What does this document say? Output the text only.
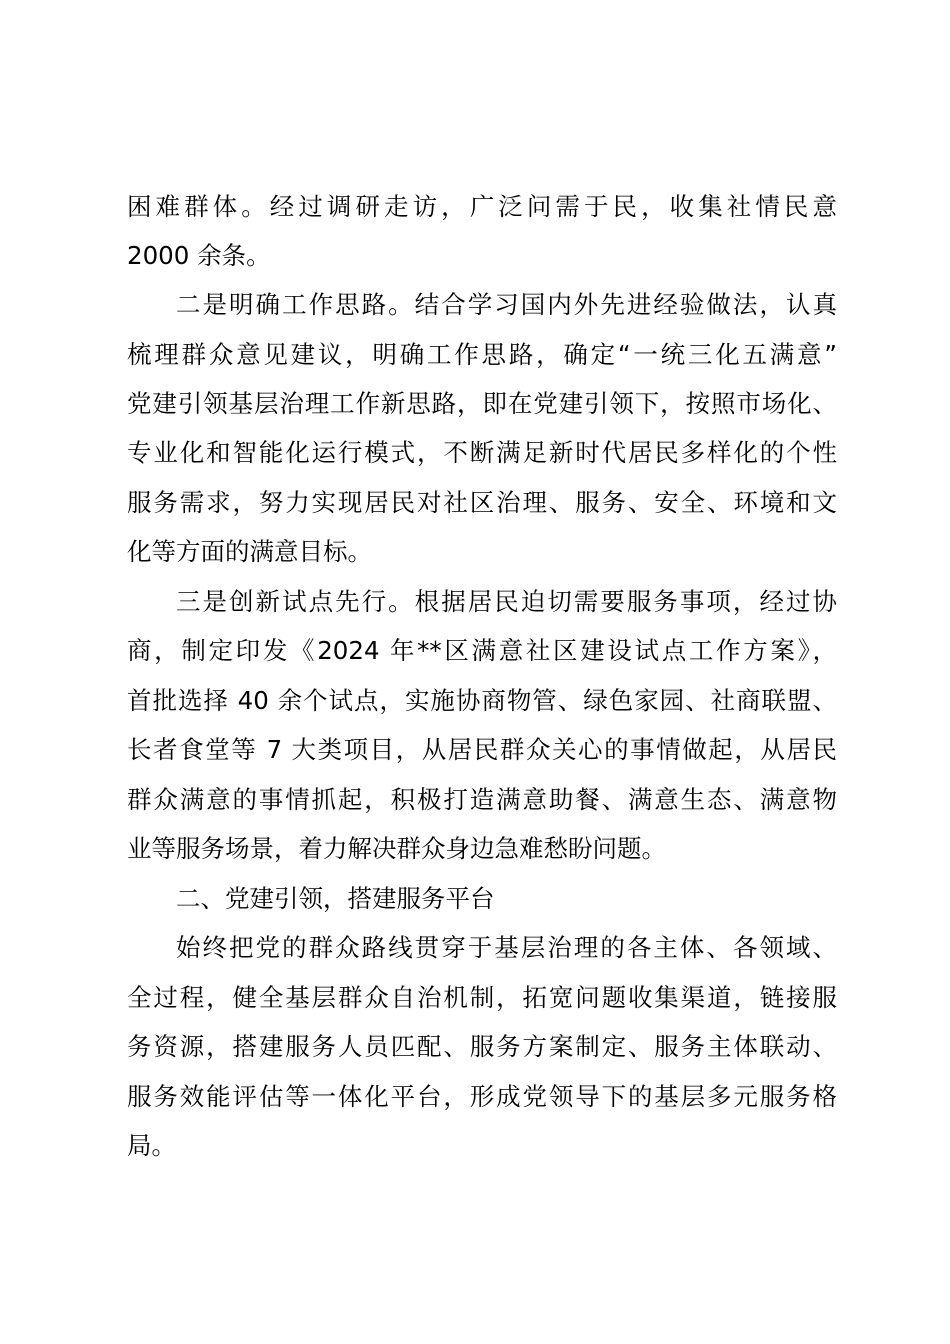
困难群体。经过调研走访，广泛问需于民，收集社情民意
2000 余条。
二是明确工作思路。结合学习国内外先进经验做法，认真
梳理群众意见建议，明确工作思路，确定“一统三化五满意”
党建引领基层治理工作新思路，即在党建引领下，按照市场化、
专业化和智能化运行模式，不断满足新时代居民多样化的个性
服务需求，努力实现居民对社区治理、服务、安全、环境和文
化等方面的满意目标。
三是创新试点先行。根据居民迫切需要服务事项，经过协
商，制定印发《2024 年**区满意社区建设试点工作方案》，
首批选择 40 余个试点，实施协商物管、绿色家园、社商联盟、
长者食堂等 7 大类项目，从居民群众关心的事情做起，从居民
群众满意的事情抓起，积极打造满意助餐、满意生态、满意物
业等服务场景，着力解决群众身边急难愁盼问题。
二、党建引领，搭建服务平台
始终把党的群众路线贯穿于基层治理的各主体、各领域、
全过程，健全基层群众自治机制，拓宽问题收集渠道，链接服
务资源，搭建服务人员匹配、服务方案制定、服务主体联动、
服务效能评估等一体化平台，形成党领导下的基层多元服务格
局。
